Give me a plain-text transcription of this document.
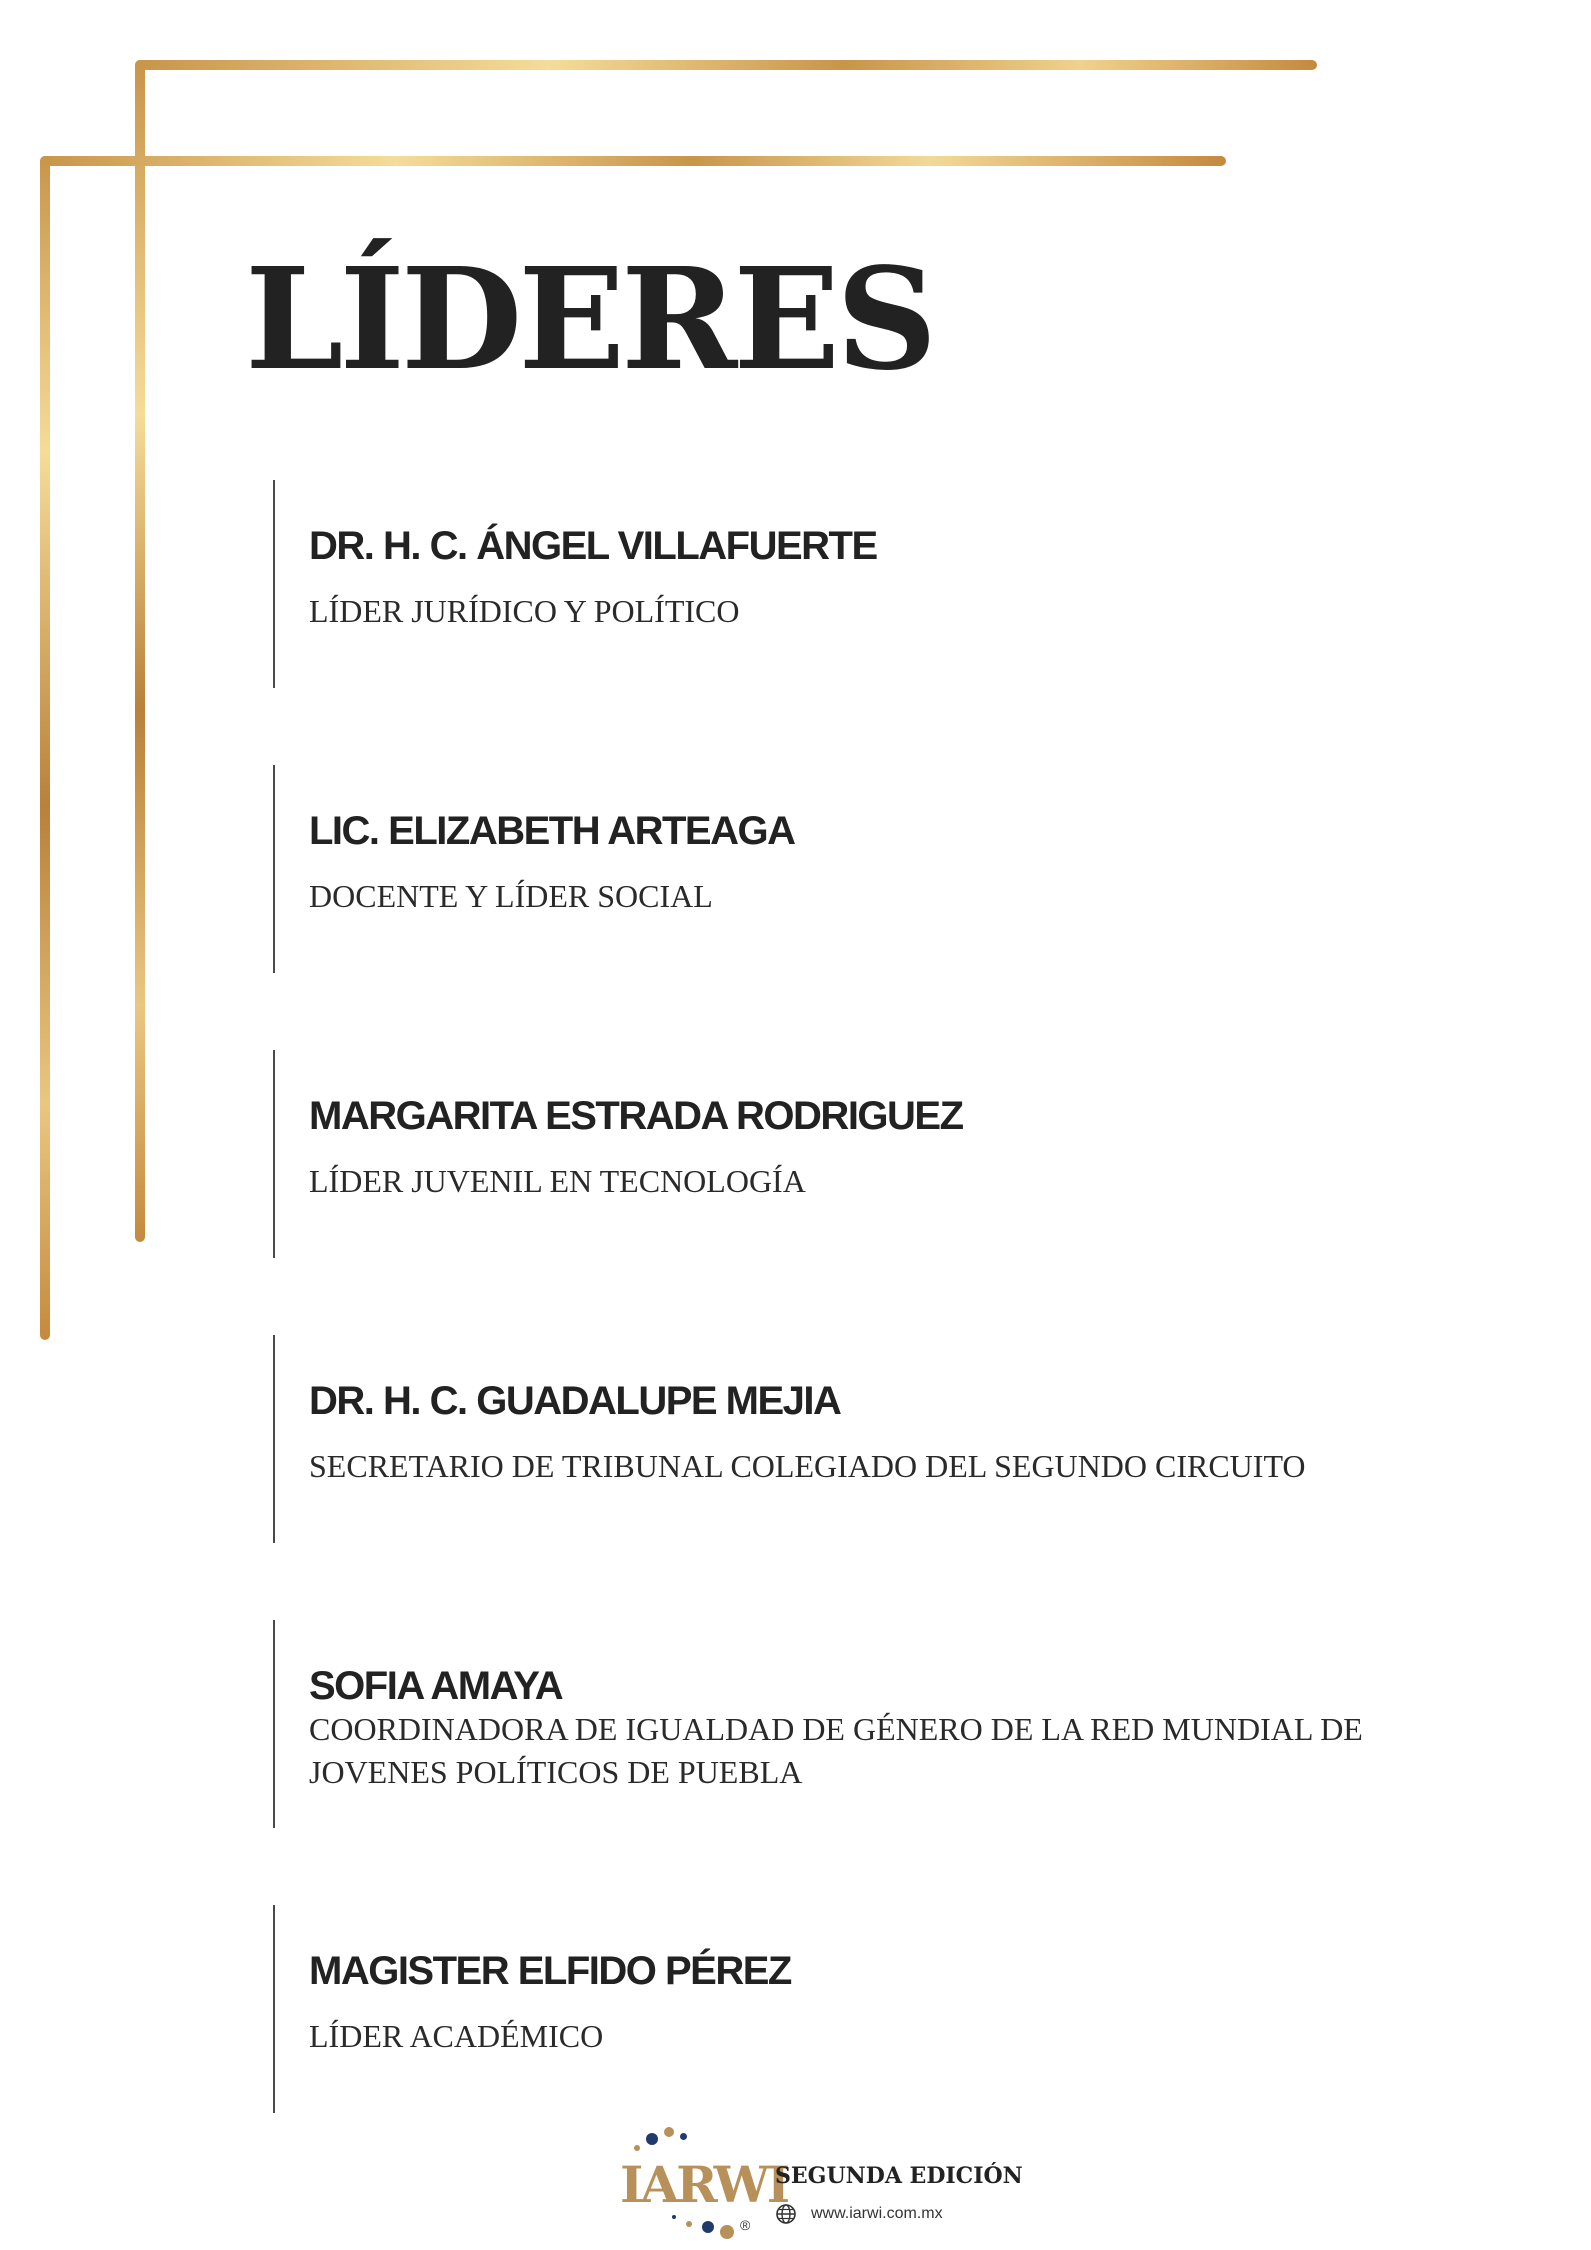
LÍDERES
DR. H. C. ÁNGEL VILLAFUERTE
LÍDER JURÍDICO Y POLÍTICO
LIC. ELIZABETH ARTEAGA
DOCENTE Y LÍDER SOCIAL
MARGARITA ESTRADA RODRIGUEZ
LÍDER JUVENIL EN TECNOLOGÍA
DR. H. C. GUADALUPE MEJIA
SECRETARIO DE TRIBUNAL COLEGIADO DEL SEGUNDO CIRCUITO
SOFIA AMAYA
COORDINADORA DE IGUALDAD DE GÉNERO DE LA RED MUNDIAL DE JOVENES POLÍTICOS DE PUEBLA
MAGISTER ELFIDO PÉREZ
LÍDER ACADÉMICO
IARWI
®
SEGUNDA EDICIÓN
www.iarwi.com.mx
